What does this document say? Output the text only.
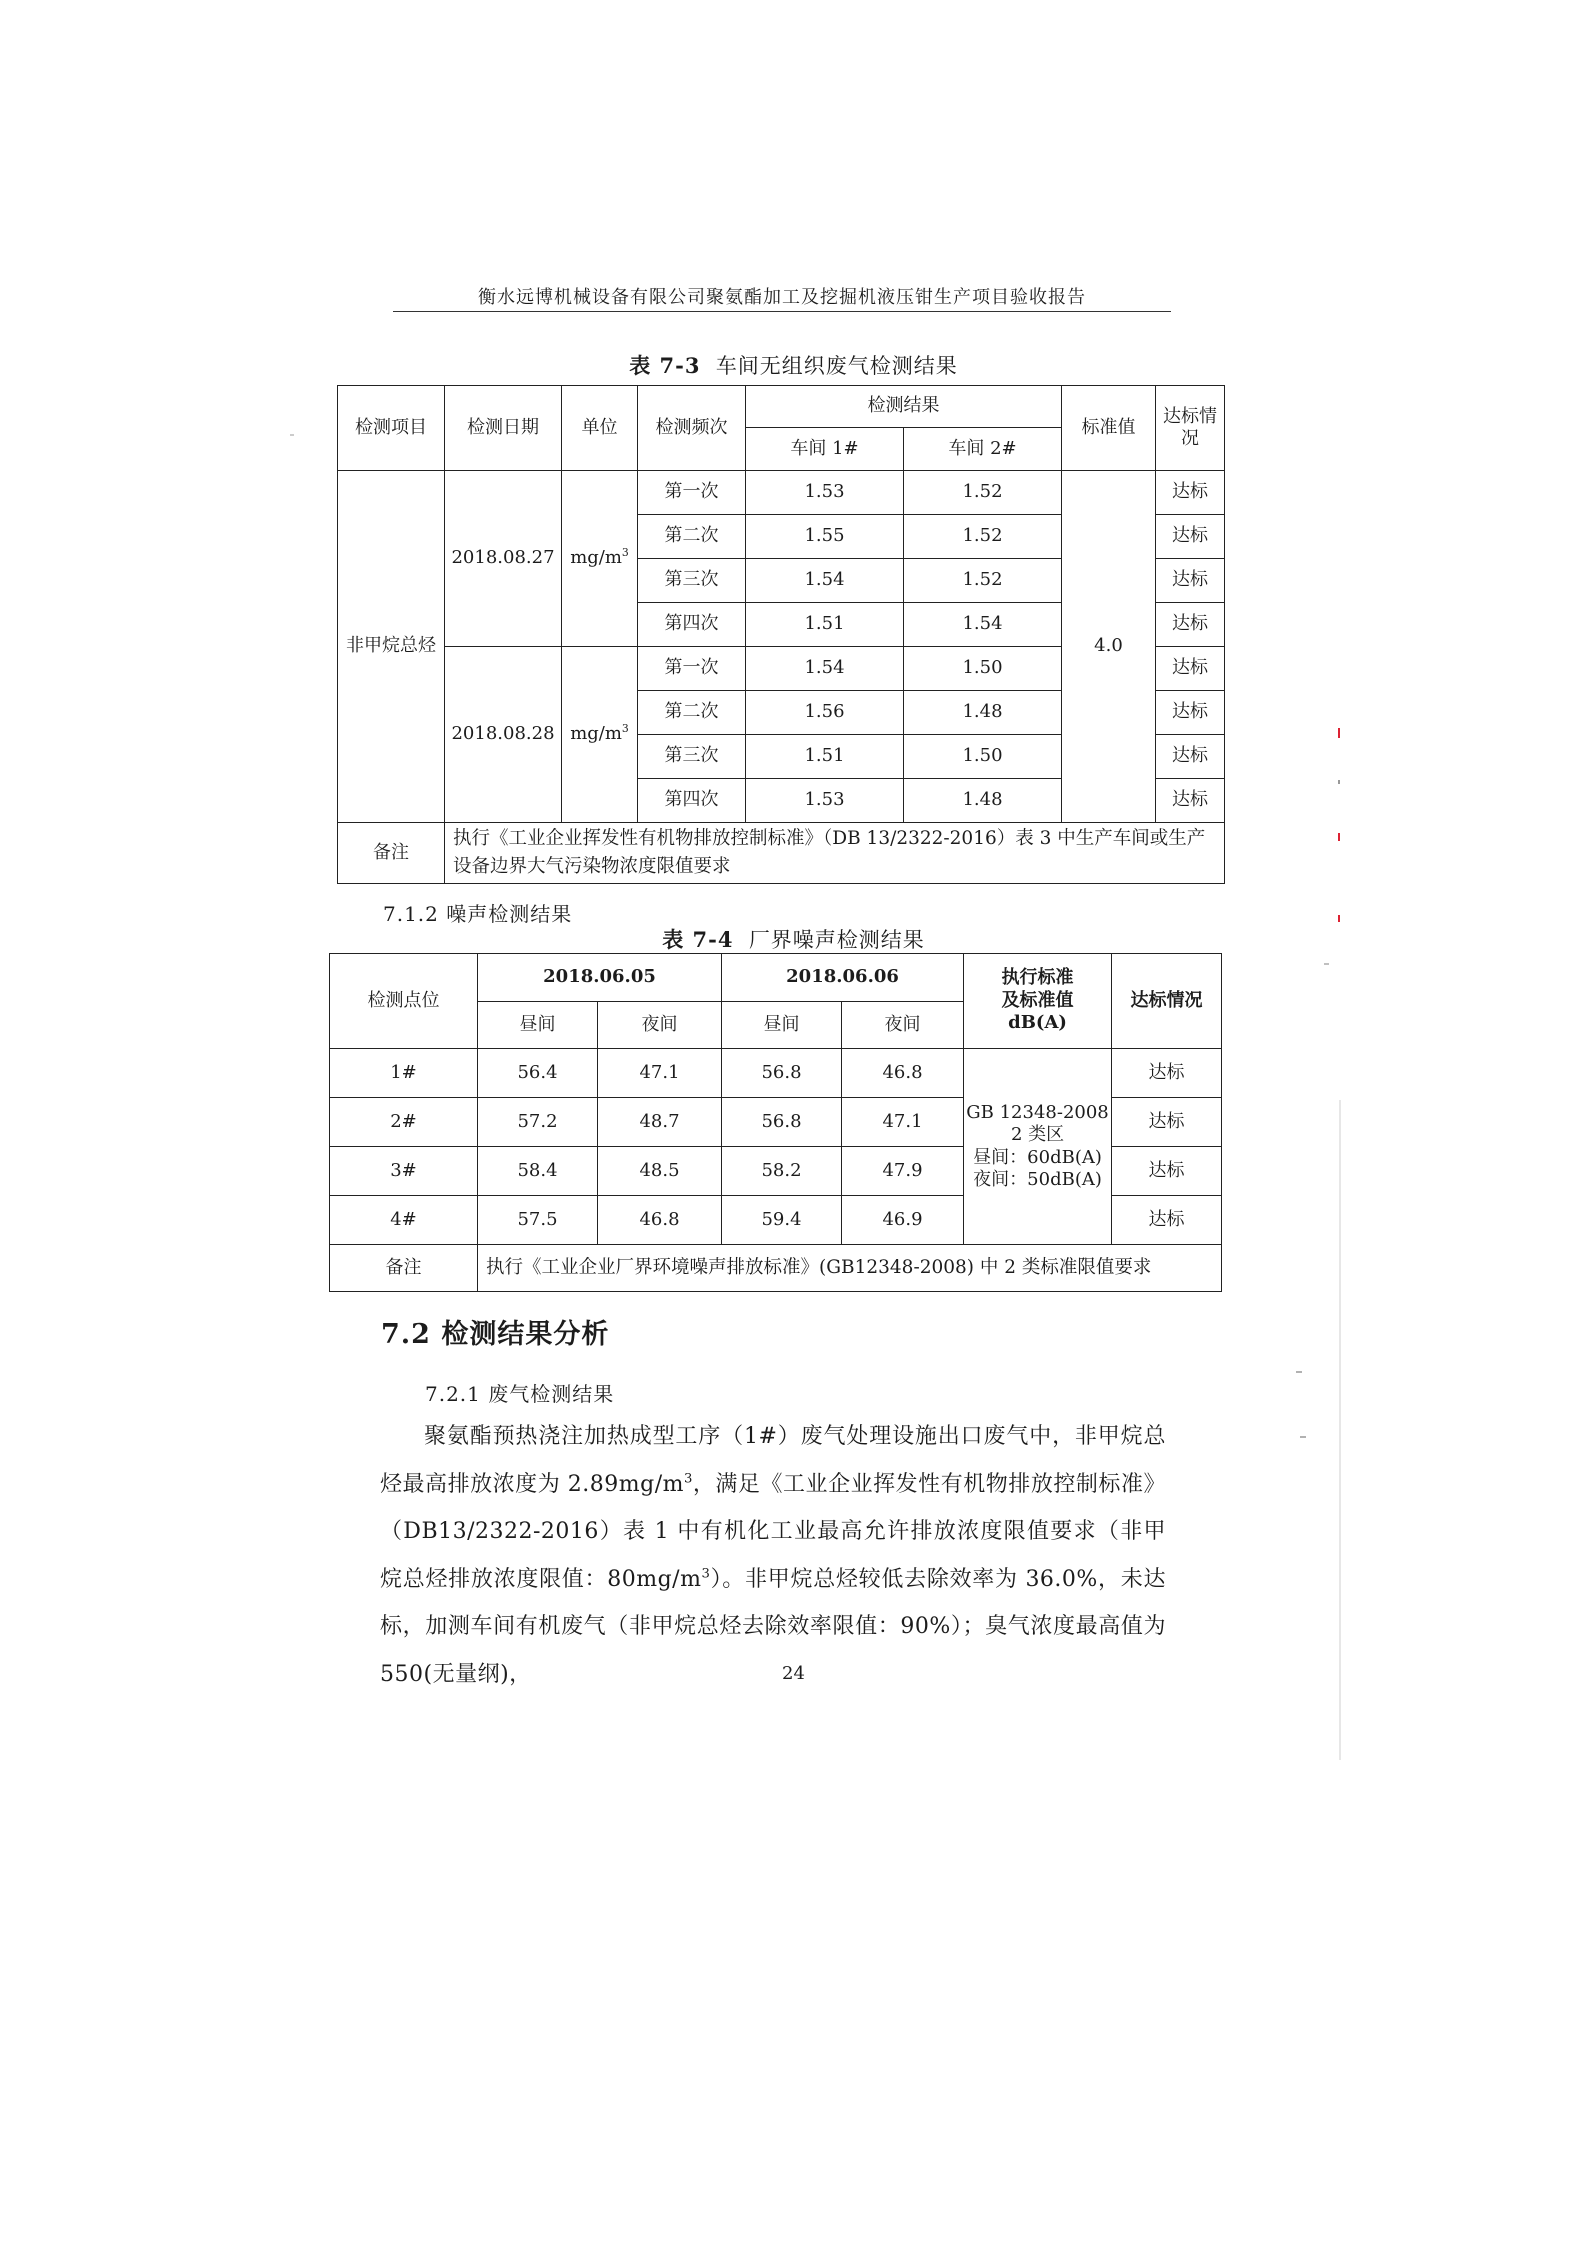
衡水远博机械设备有限公司聚氨酯加工及挖掘机液压钳生产项目验收报告
表 7-3 车间无组织废气检测结果
检测项目	检测日期	单位	检测频次	检测结果		标准值	达标情况
				车间 1#	车间 2#		
非甲烷总烃	2018.08.27	$mg/m^3$	第一次	1.53	1.52	4.0	达标
			第二次	1.55	1.52		达标
			第三次	1.54	1.52		达标
			第四次	1.51	1.54		达标
	2018.08.28	$mg/m^3$	第一次	1.54	1.50		达标
			第二次	1.56	1.48		达标
			第三次	1.51	1.50		达标
			第四次	1.53	1.48		达标
备注	执行《工业企业挥发性有机物排放控制标准》（DB 13/2322-2016）表 3 中生产车间或生产设备边界大气污染物浓度限值要求						
7.1.2 噪声检测结果
表 7-4 厂界噪声检测结果
检测点位	2018.06.05		2018.06.06		执行标准
及标准值
dB(A)	达标情况
	昼间	夜间	昼间	夜间		
1#	56.4	47.1	56.8	46.8	GB 12348-2008
2 类区
昼间：60dB(A)
夜间：50dB(A)	达标
2#	57.2	48.7	56.8	47.1		达标
3#	58.4	48.5	58.2	47.9		达标
4#	57.5	46.8	59.4	46.9		达标
备注	执行《工业企业厂界环境噪声排放标准》(GB12348-2008) 中 2 类标准限值要求					
7.2 检测结果分析
7.2.1 废气检测结果

聚氨酯预热浇注加热成型工序（1#）废气处理设施出口废气中，非甲烷总烃最高排放浓度为 $2.89mg/m^3$，满足《工业企业挥发性有机物排放控制标准》（DB13/2322-2016）表 1 中有机化工业最高允许排放浓度限值要求（非甲烷总烃排放浓度限值：$80mg/m^3$）。非甲烷总烃较低去除效率为 36.0%，未达标，加测车间有机废气（非甲烷总烃去除效率限值：90%）；臭气浓度最高值为 550(无量纲)，	24
